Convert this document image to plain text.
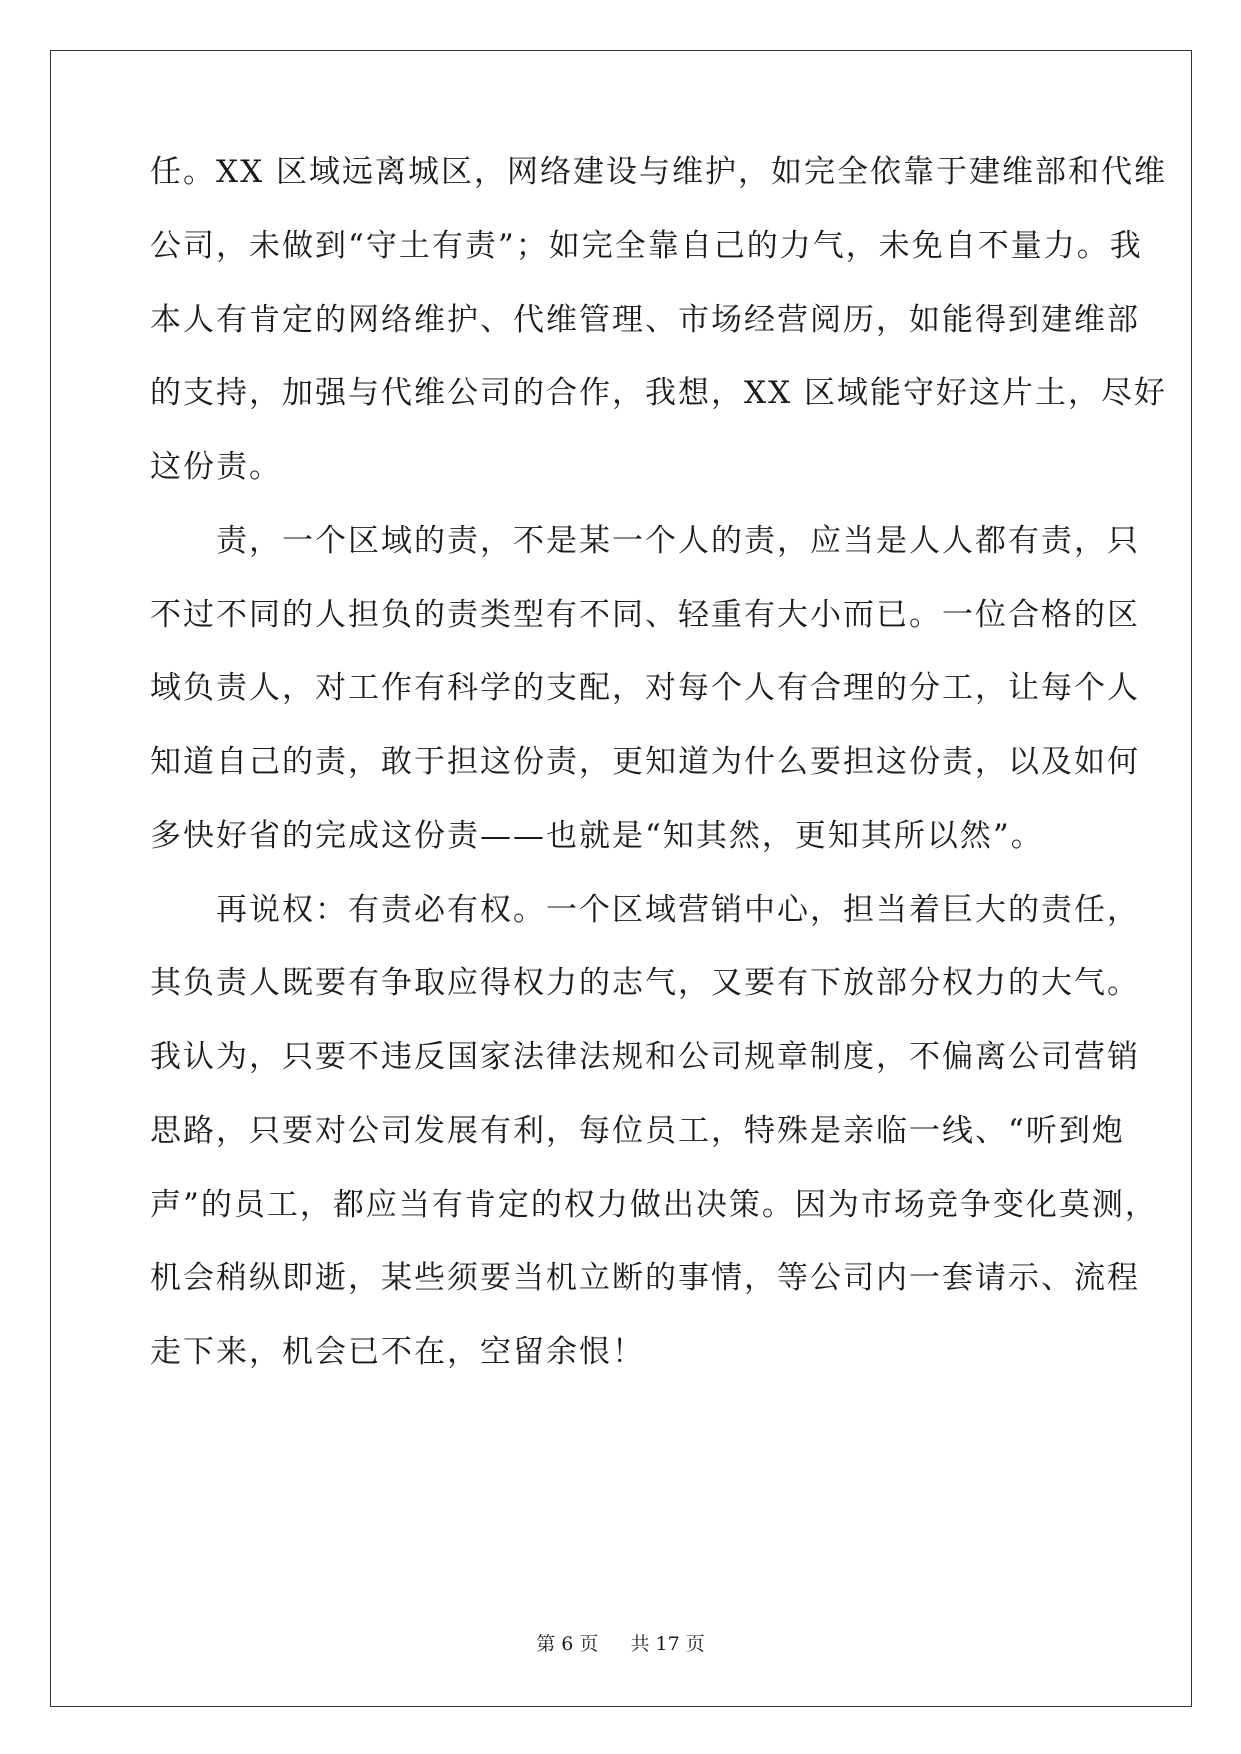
任。XX 区域远离城区，网络建设与维护，如完全依靠于建维部和代维
公司，未做到“守土有责”；如完全靠自己的力气，未免自不量力。我
本人有肯定的网络维护、代维管理、市场经营阅历，如能得到建维部
的支持，加强与代维公司的合作，我想，XX 区域能守好这片土，尽好
这份责。
　　责，一个区域的责，不是某一个人的责，应当是人人都有责，只
不过不同的人担负的责类型有不同、轻重有大小而已。一位合格的区
域负责人，对工作有科学的支配，对每个人有合理的分工，让每个人
知道自己的责，敢于担这份责，更知道为什么要担这份责，以及如何
多快好省的完成这份责——也就是“知其然，更知其所以然”。
　　再说权：有责必有权。一个区域营销中心，担当着巨大的责任，
其负责人既要有争取应得权力的志气，又要有下放部分权力的大气。
我认为，只要不违反国家法律法规和公司规章制度，不偏离公司营销
思路，只要对公司发展有利，每位员工，特殊是亲临一线、“听到炮
声”的员工，都应当有肯定的权力做出决策。因为市场竞争变化莫测，
机会稍纵即逝，某些须要当机立断的事情，等公司内一套请示、流程
走下来，机会已不在，空留余恨！
第 6 页 共 17 页
